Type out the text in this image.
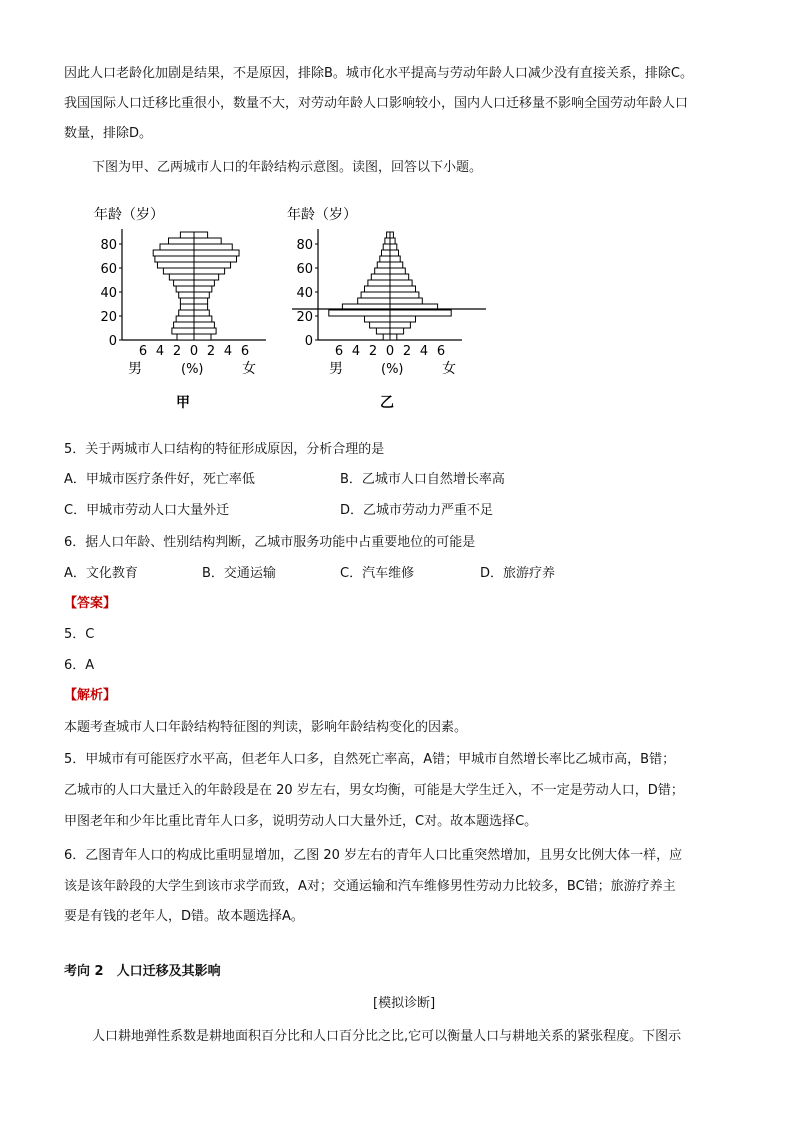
因此人口老龄化加剧是结果，不是原因，排除B。城市化水平提高与劳动年龄人口减少没有直接关系，排除C。
我国国际人口迁移比重很小，数量不大，对劳动年龄人口影响较小，国内人口迁移量不影响全国劳动年龄人口
数量，排除D。
下图为甲、乙两城市人口的年龄结构示意图。读图，回答以下小题。
年龄（岁）
0
20
40
60
80
6 4 2 0 2 4 6
男	(%)	女
甲
年龄（岁）
0
20
40
60
80
6 4 2 0 2 4 6
男	(%)	女
乙
5．关于两城市人口结构的特征形成原因，分析合理的是
A．甲城市医疗条件好，死亡率低	B．乙城市人口自然增长率高
C．甲城市劳动人口大量外迁	D．乙城市劳动力严重不足
6．据人口年龄、性别结构判断，乙城市服务功能中占重要地位的可能是
A．文化教育	B．交通运输	C．汽车维修	D．旅游疗养
【答案】
5．C
6．A
【解析】
本题考查城市人口年龄结构特征图的判读，影响年龄结构变化的因素。
5．甲城市有可能医疗水平高，但老年人口多，自然死亡率高，A错；甲城市自然增长率比乙城市高，B错；
乙城市的人口大量迁入的年龄段是在 20 岁左右，男女均衡，可能是大学生迁入，不一定是劳动人口，D错；
甲图老年和少年比重比青年人口多，说明劳动人口大量外迁，C对。故本题选择C。
6．乙图青年人口的构成比重明显增加，乙图 20 岁左右的青年人口比重突然增加，且男女比例大体一样，应
该是该年龄段的大学生到该市求学而致，A对；交通运输和汽车维修男性劳动力比较多，BC错；旅游疗养主
要是有钱的老年人，D错。故本题选择A。
考向 2　人口迁移及其影响
[模拟诊断]
人口耕地弹性系数是耕地面积百分比和人口百分比之比,它可以衡量人口与耕地关系的紧张程度。下图示
